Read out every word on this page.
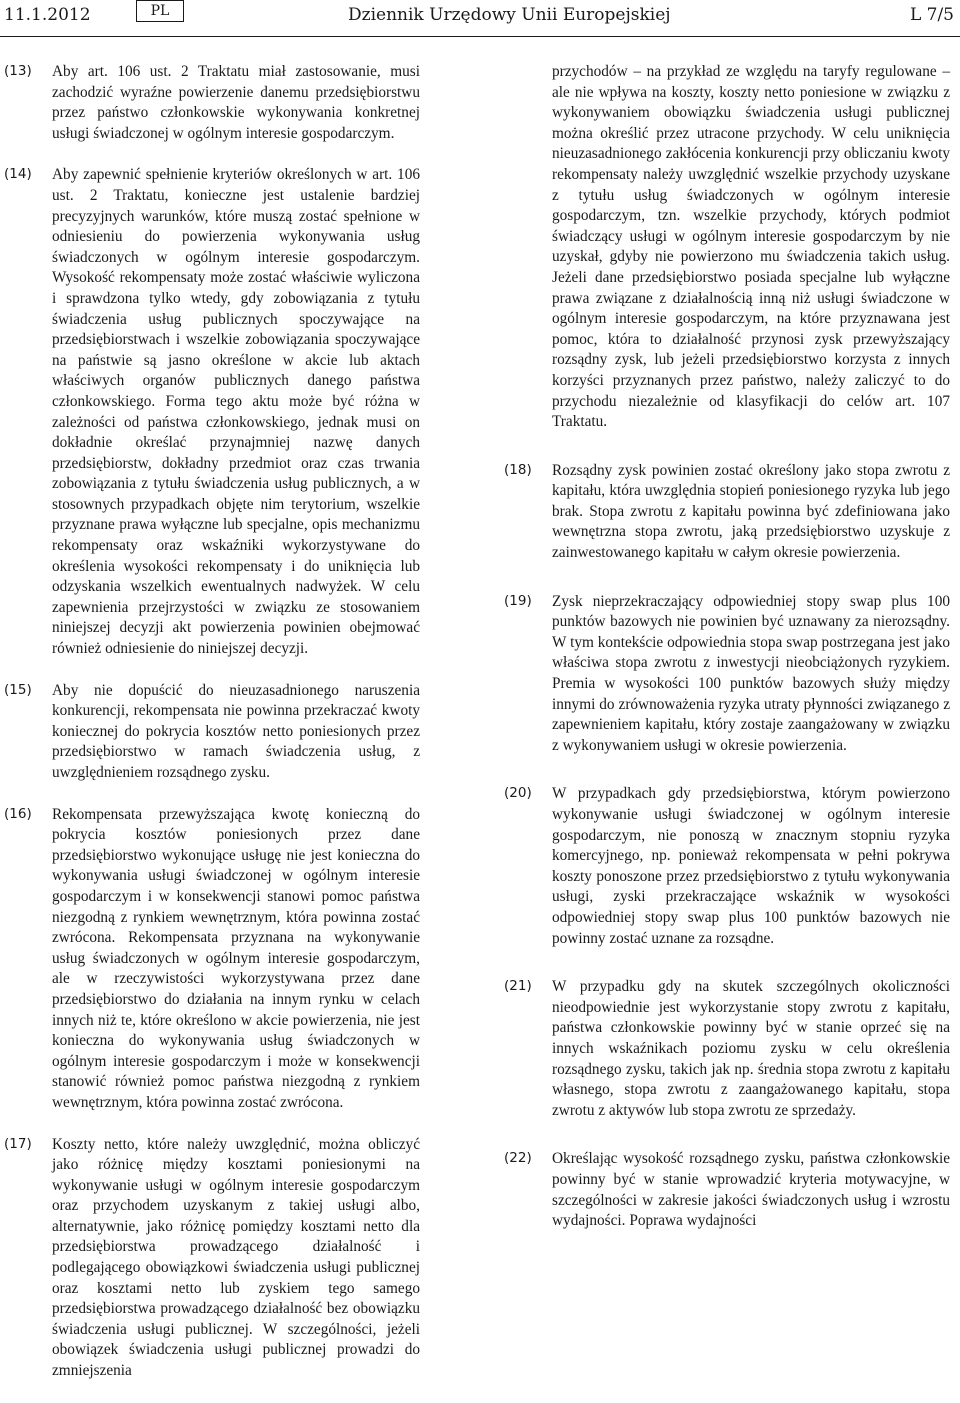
11.1.2012	PL	Dziennik Urzędowy Unii Europejskiej	L 7/5
(13) Aby art. 106 ust. 2 Traktatu miał zastosowanie, musi zachodzić wyraźne powierzenie danemu przedsiębiorstwu przez państwo członkowskie wykonywania konkretnej usługi świadczonej w ogólnym interesie gospodarczym.
(14) Aby zapewnić spełnienie kryteriów określonych w art. 106 ust. 2 Traktatu, konieczne jest ustalenie bardziej precyzyjnych warunków, które muszą zostać spełnione w odniesieniu do powierzenia wykonywania usług świadczonych w ogólnym interesie gospodarczym. Wysokość rekompensaty może zostać właściwie wyliczona i sprawdzona tylko wtedy, gdy zobowiązania z tytułu świadczenia usług publicznych spoczywające na przedsiębiorstwach i wszelkie zobowiązania spoczywające na państwie są jasno określone w akcie lub aktach właściwych organów publicznych danego państwa członkowskiego. Forma tego aktu może być różna w zależności od państwa członkowskiego, jednak musi on dokładnie określać przynajmniej nazwę danych przedsiębiorstw, dokładny przedmiot oraz czas trwania zobowiązania z tytułu świadczenia usług publicznych, a w stosownych przypadkach objęte nim terytorium, wszelkie przyznane prawa wyłączne lub specjalne, opis mechanizmu rekompensaty oraz wskaźniki wykorzystywane do określenia wysokości rekompensaty i do uniknięcia lub odzyskania wszelkich ewentualnych nadwyżek. W celu zapewnienia przejrzystości w związku ze stosowaniem niniejszej decyzji akt powierzenia powinien obejmować również odniesienie do niniejszej decyzji.
(15) Aby nie dopuścić do nieuzasadnionego naruszenia konkurencji, rekompensata nie powinna przekraczać kwoty koniecznej do pokrycia kosztów netto poniesionych przez przedsiębiorstwo w ramach świadczenia usług, z uwzględnieniem rozsądnego zysku.
(16) Rekompensata przewyższająca kwotę konieczną do pokrycia kosztów poniesionych przez dane przedsiębiorstwo wykonujące usługę nie jest konieczna do wykonywania usługi świadczonej w ogólnym interesie gospodarczym i w konsekwencji stanowi pomoc państwa niezgodną z rynkiem wewnętrznym, która powinna zostać zwrócona. Rekompensata przyznana na wykonywanie usług świadczonych w ogólnym interesie gospodarczym, ale w rzeczywistości wykorzystywana przez dane przedsiębiorstwo do działania na innym rynku w celach innych niż te, które określono w akcie powierzenia, nie jest konieczna do wykonywania usług świadczonych w ogólnym interesie gospodarczym i może w konsekwencji stanowić również pomoc państwa niezgodną z rynkiem wewnętrznym, która powinna zostać zwrócona.
(17) Koszty netto, które należy uwzględnić, można obliczyć jako różnicę między kosztami poniesionymi na wykonywanie usługi w ogólnym interesie gospodarczym oraz przychodem uzyskanym z takiej usługi albo, alternatywnie, jako różnicę pomiędzy kosztami netto dla przedsiębiorstwa prowadzącego działalność i podlegającego obowiązkowi świadczenia usługi publicznej oraz kosztami netto lub zyskiem tego samego przedsiębiorstwa prowadzącego działalność bez obowiązku świadczenia usługi publicznej. W szczególności, jeżeli obowiązek świadczenia usługi publicznej prowadzi do zmniejszenia
przychodów – na przykład ze względu na taryfy regulowane – ale nie wpływa na koszty, koszty netto poniesione w związku z wykonywaniem obowiązku świadczenia usługi publicznej można określić przez utracone przychody. W celu uniknięcia nieuzasadnionego zakłócenia konkurencji przy obliczaniu kwoty rekompensaty należy uwzględnić wszelkie przychody uzyskane z tytułu usług świadczonych w ogólnym interesie gospodarczym, tzn. wszelkie przychody, których podmiot świadczący usługi w ogólnym interesie gospodarczym by nie uzyskał, gdyby nie powierzono mu świadczenia takich usług. Jeżeli dane przedsiębiorstwo posiada specjalne lub wyłączne prawa związane z działalnością inną niż usługi świadczone w ogólnym interesie gospodarczym, na które przyznawana jest pomoc, która to działalność przynosi zysk przewyższający rozsądny zysk, lub jeżeli przedsiębiorstwo korzysta z innych korzyści przyznanych przez państwo, należy zaliczyć to do przychodu niezależnie od klasyfikacji do celów art. 107 Traktatu.
(18) Rozsądny zysk powinien zostać określony jako stopa zwrotu z kapitału, która uwzględnia stopień poniesionego ryzyka lub jego brak. Stopa zwrotu z kapitału powinna być zdefiniowana jako wewnętrzna stopa zwrotu, jaką przedsiębiorstwo uzyskuje z zainwestowanego kapitału w całym okresie powierzenia.
(19) Zysk nieprzekraczający odpowiedniej stopy swap plus 100 punktów bazowych nie powinien być uznawany za nierozsądny. W tym kontekście odpowiednia stopa swap postrzegana jest jako właściwa stopa zwrotu z inwestycji nieobciążonych ryzykiem. Premia w wysokości 100 punktów bazowych służy między innymi do zrównoważenia ryzyka utraty płynności związanego z zapewnieniem kapitału, który zostaje zaangażowany w związku z wykonywaniem usługi w okresie powierzenia.
(20) W przypadkach gdy przedsiębiorstwa, którym powierzono wykonywanie usługi świadczonej w ogólnym interesie gospodarczym, nie ponoszą w znacznym stopniu ryzyka komercyjnego, np. ponieważ rekompensata w pełni pokrywa koszty ponoszone przez przedsiębiorstwo z tytułu wykonywania usługi, zyski przekraczające wskaźnik w wysokości odpowiedniej stopy swap plus 100 punktów bazowych nie powinny zostać uznane za rozsądne.
(21) W przypadku gdy na skutek szczególnych okoliczności nieodpowiednie jest wykorzystanie stopy zwrotu z kapitału, państwa członkowskie powinny być w stanie oprzeć się na innych wskaźnikach poziomu zysku w celu określenia rozsądnego zysku, takich jak np. średnia stopa zwrotu z kapitału własnego, stopa zwrotu z zaangażowanego kapitału, stopa zwrotu z aktywów lub stopa zwrotu ze sprzedaży.
(22) Określając wysokość rozsądnego zysku, państwa członkowskie powinny być w stanie wprowadzić kryteria motywacyjne, w szczególności w zakresie jakości świadczonych usług i wzrostu wydajności. Poprawa wydajności
